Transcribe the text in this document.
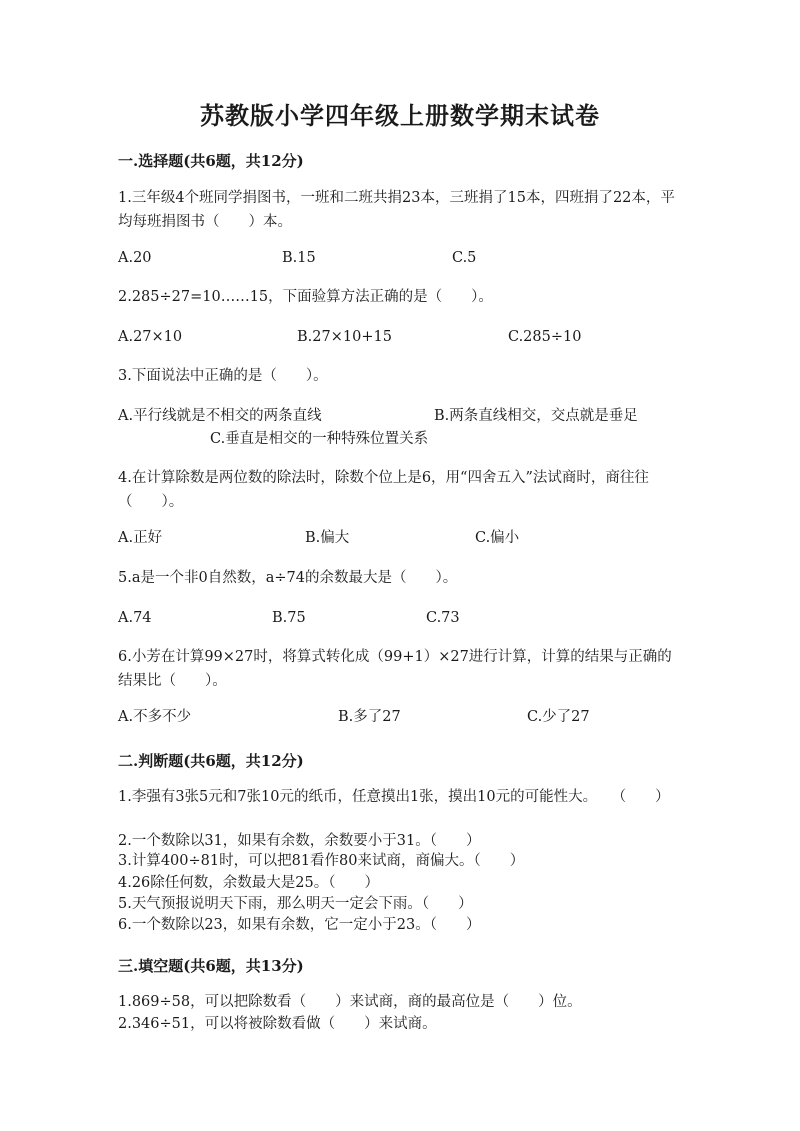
苏教版小学四年级上册数学期末试卷

一.选择题(共6题，共12分)

1.三年级4个班同学捐图书，一班和二班共捐23本，三班捐了15本，四班捐了22本，平均每班捐图书（　　）本。

A.20	B.15	C.5

2.285÷27=10……15，下面验算方法正确的是（　　）。

A.27×10	B.27×10+15	C.285÷10

3.下面说法中正确的是（　　）。

A.平行线就是不相交的两条直线	B.两条直线相交，交点就是垂足

C.垂直是相交的一种特殊位置关系

4.在计算除数是两位数的除法时，除数个位上是6，用“四舍五入”法试商时，商往往（　　）。

A.正好	B.偏大	C.偏小

5.a是一个非0自然数，a÷74的余数最大是（　　）。

A.74	B.75	C.73

6.小芳在计算99×27时，将算式转化成（99+1）×27进行计算，计算的结果与正确的结果比（　　）。

A.不多不少	B.多了27	C.少了27

二.判断题(共6题，共12分)

1.李强有3张5元和7张10元的纸币，任意摸出1张，摸出10元的可能性大。　　（　　）

2.一个数除以31，如果有余数，余数要小于31。（　　）

3.计算400÷81时，可以把81看作80来试商，商偏大。（　　）

4.26除任何数，余数最大是25。（　　）

5.天气预报说明天下雨，那么明天一定会下雨。（　　）

6.一个数除以23，如果有余数，它一定小于23。（　　）

三.填空题(共6题，共13分)

1.869÷58，可以把除数看（　　）来试商，商的最高位是（　　）位。

2.346÷51，可以将被除数看做（　　）来试商。
